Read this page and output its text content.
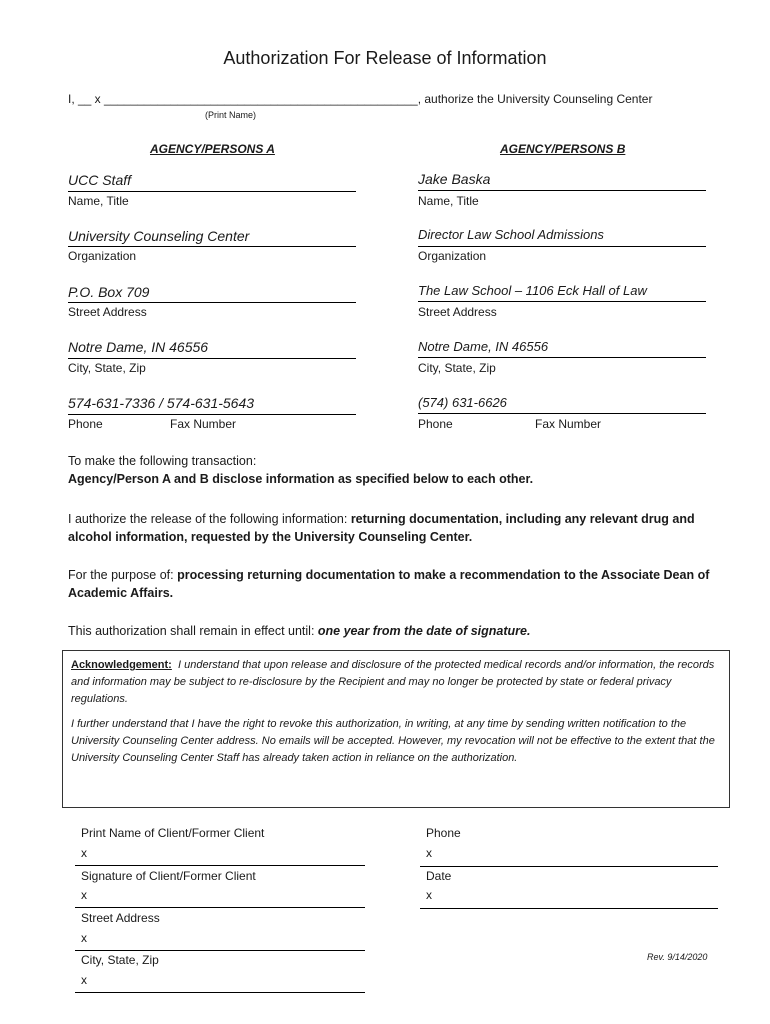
Authorization For Release of Information
I, __ x _______________________________________________, authorize the University Counseling Center
(Print Name)
AGENCY/PERSONS A	AGENCY/PERSONS B
UCC Staff
Name, Title
University Counseling Center
Organization
P.O. Box 709
Street Address
Notre Dame, IN 46556
City, State, Zip
574-631-7336 / 574-631-5643
Phone	Fax Number
Jake Baska
Name, Title
Director Law School Admissions
Organization
The Law School – 1106 Eck Hall of Law
Street Address
Notre Dame, IN 46556
City, State, Zip
(574) 631-6626
Phone	Fax Number
To make the following transaction:
Agency/Person A and B disclose information as specified below to each other.
I authorize the release of the following information: returning documentation, including any relevant drug and alcohol information, requested by the University Counseling Center.
For the purpose of: processing returning documentation to make a recommendation to the Associate Dean of Academic Affairs.
This authorization shall remain in effect until: one year from the date of signature.

Acknowledgement: I understand that upon release and disclosure of the protected medical records and/or information, the records and information may be subject to re-disclosure by the Recipient and may no longer be protected by state or federal privacy regulations.

I further understand that I have the right to revoke this authorization, in writing, at any time by sending written notification to the University Counseling Center address. No emails will be accepted. However, my revocation will not be effective to the extent that the University Counseling Center Staff has already taken action in reliance on the authorization.

Print Name of Client/Former Client
x
Signature of Client/Former Client
x
Street Address
x
City, State, Zip
x
Phone
x
Date
x
Rev. 9/14/2020
